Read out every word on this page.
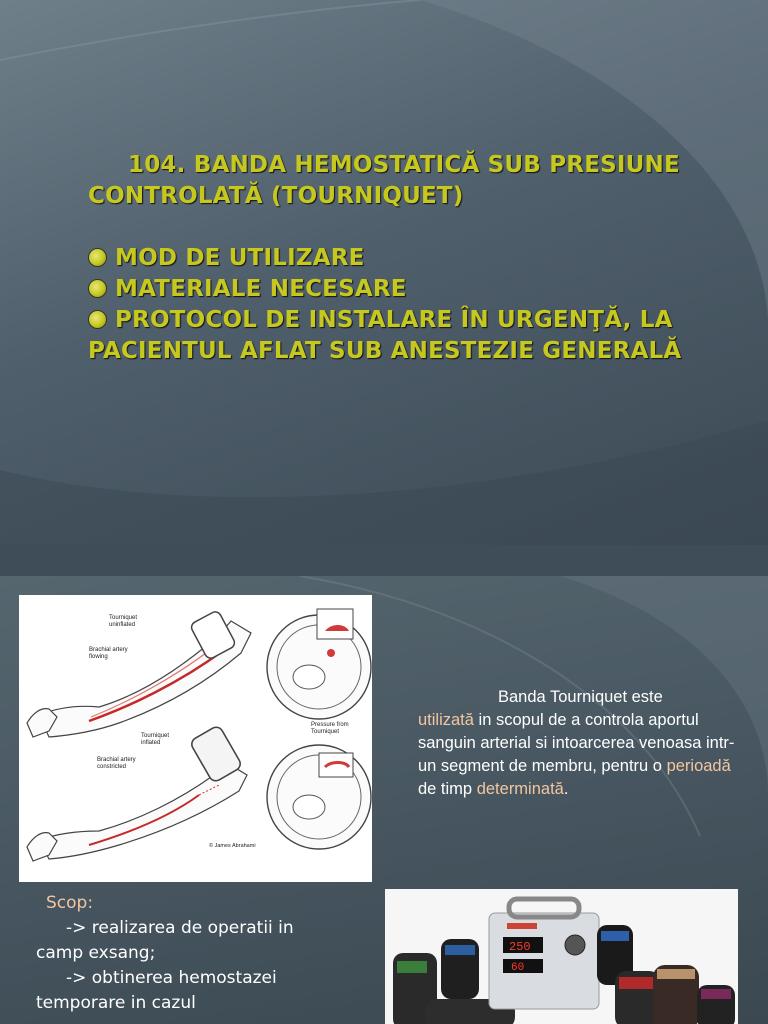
104. BANDA HEMOSTATICĂ SUB PRESIUNE
CONTROLATĂ (TOURNIQUET)
MOD DE UTILIZARE
MATERIALE NECESARE
PROTOCOL DE INSTALARE ÎN URGENŢĂ, LA
PACIENTUL AFLAT SUB ANESTEZIE GENERALĂ
Tourniquet uninflated
Brachial artery flowing
Tourniquet inflated
Brachial artery constricted
Pressure from Tourniquet
© James Abrahami
Banda Tourniquet este
utilizată in scopul de a controla aportul sanguin arterial si intoarcerea venoasa intr-un segment de membru, pentru o perioadă de timp determinată.
Scop:
-> realizarea de operatii in
camp exsang;
-> obtinerea hemostazei
temporare in cazul
250
60
